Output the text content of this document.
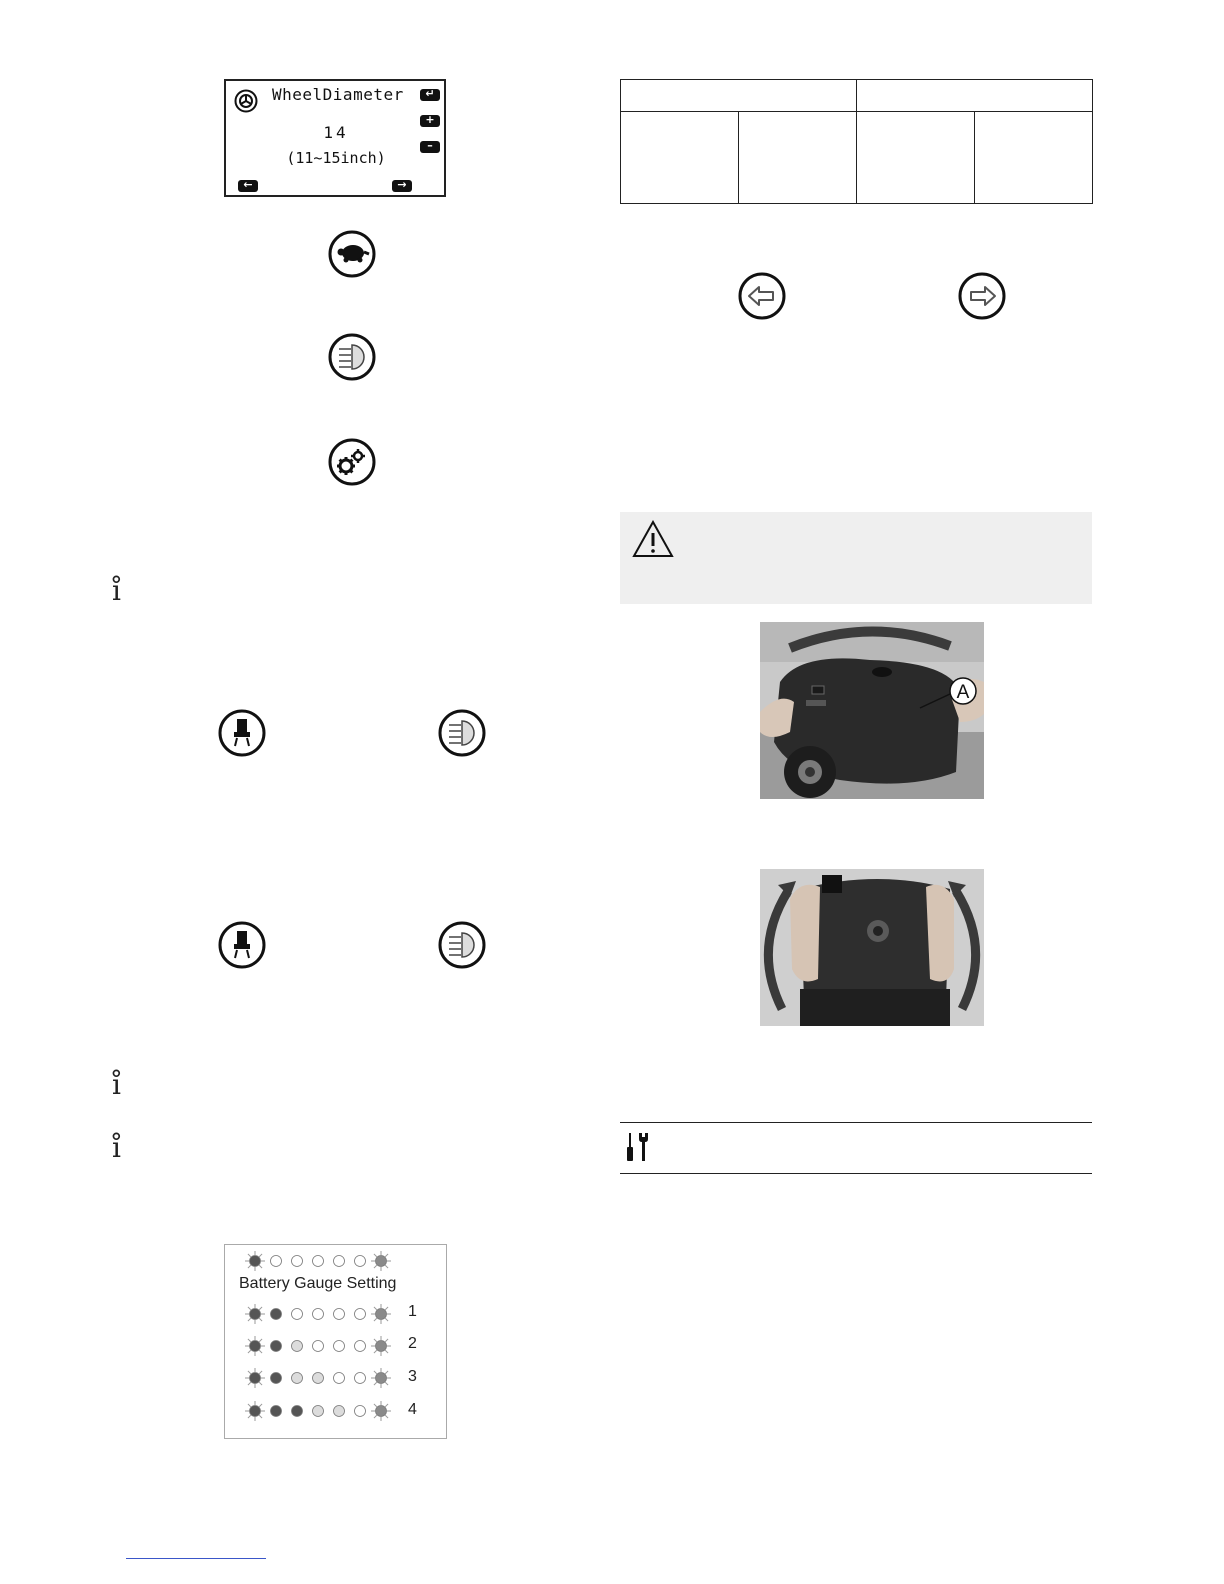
WheelDiameter	↵
+
–
14
(11~15inch)
←	→
ı̊
ı̊
ı̊
Battery Gauge Setting
1
2
3
4

A
